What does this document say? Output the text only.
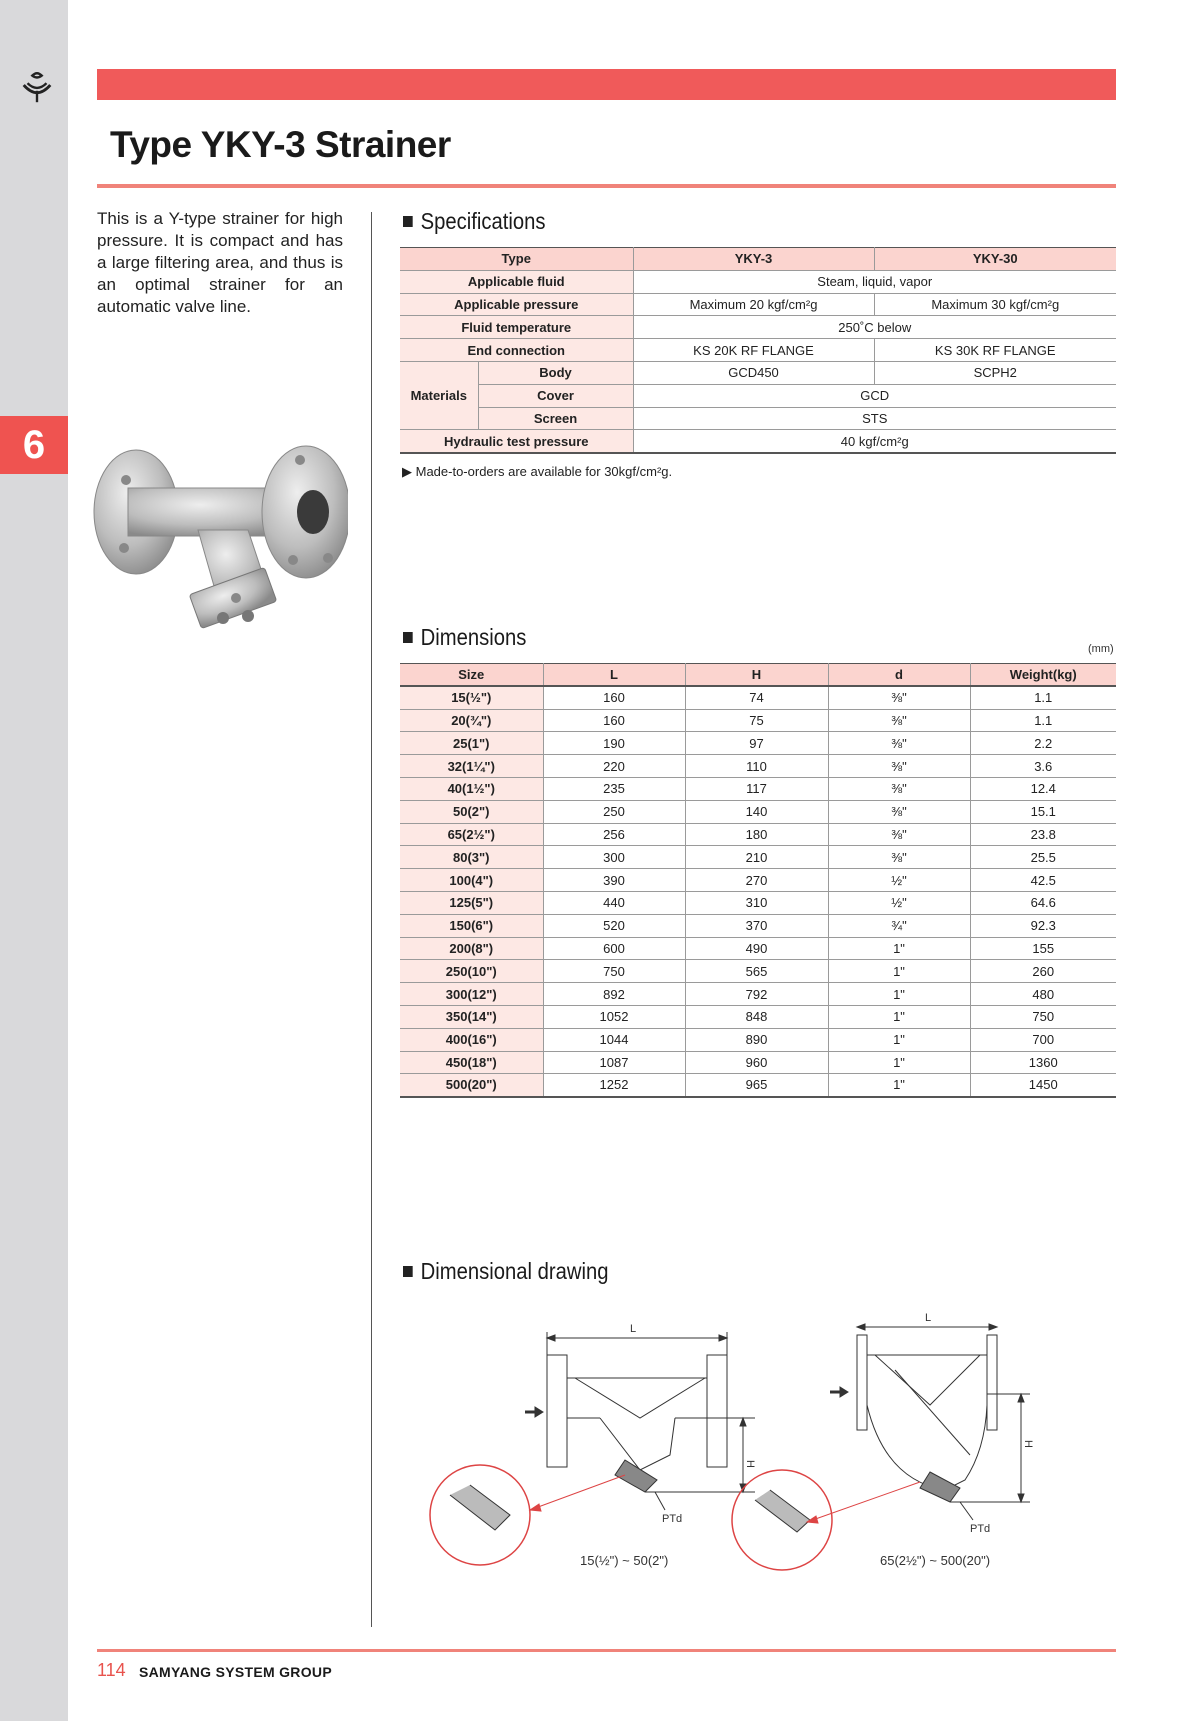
6
Type YKY-3 Strainer

This is a Y-type strainer for high pressure. It is compact and has a large filtering area, and thus is an optimal strainer for an automatic valve line.

Specifications
Type		YKY-3	YKY-30
Applicable fluid		Steam, liquid, vapor	
Applicable pressure		Maximum 20 kgf/cm²g	Maximum 30 kgf/cm²g
Fluid temperature		250˚C below	
End connection		KS 20K RF FLANGE	KS 30K RF FLANGE
Materials	Body	GCD450	SCPH2
	Cover	GCD	
	Screen	STS	
Hydraulic test pressure		40 kgf/cm²g	
▶ Made-to-orders are available for 30kgf/cm²g.
Dimensions	(mm)
Size	L	H	d	Weight(kg)
15(½")	160	74	⅜"	1.1
20(¾")	160	75	⅜"	1.1
25(1")	190	97	⅜"	2.2
32(1¼")	220	110	⅜"	3.6
40(1½")	235	117	⅜"	12.4
50(2")	250	140	⅜"	15.1
65(2½")	256	180	⅜"	23.8
80(3")	300	210	⅜"	25.5
100(4")	390	270	½"	42.5
125(5")	440	310	½"	64.6
150(6")	520	370	¾"	92.3
200(8")	600	490	1"	155
250(10")	750	565	1"	260
300(12")	892	792	1"	480
350(14")	1052	848	1"	750
400(16")	1044	890	1"	700
450(18")	1087	960	1"	1360
500(20")	1252	965	1"	1450
Dimensional drawing
L
H
PTd
15(½") ~ 50(2")
L
H
PTd
65(2½") ~ 500(20")
114 SAMYANG SYSTEM GROUP
